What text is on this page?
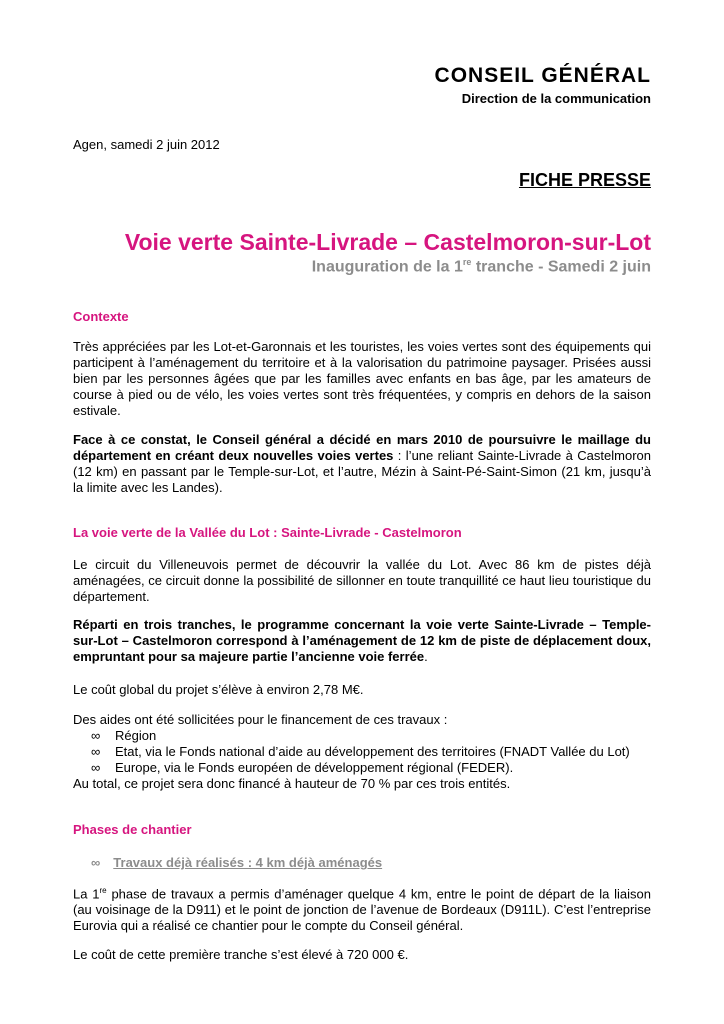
CONSEIL GÉNÉRAL
Direction de la communication
Agen, samedi 2 juin 2012
FICHE PRESSE
Voie verte Sainte-Livrade – Castelmoron-sur-Lot
Inauguration de la 1re tranche - Samedi 2 juin
Contexte
Très appréciées par les Lot-et-Garonnais et les touristes, les voies vertes sont des équipements qui participent à l’aménagement du territoire et à la valorisation du patrimoine paysager. Prisées aussi bien par les personnes âgées que par les familles avec enfants en bas âge, par les amateurs de course à pied ou de vélo, les voies vertes sont très fréquentées, y compris en dehors de la saison estivale.
Face à ce constat, le Conseil général a décidé en mars 2010 de poursuivre le maillage du département en créant deux nouvelles voies vertes : l’une reliant Sainte-Livrade à Castelmoron (12 km) en passant par le Temple-sur-Lot, et l’autre, Mézin à Saint-Pé-Saint-Simon (21 km, jusqu’à la limite avec les Landes).
La voie verte de la Vallée du Lot : Sainte-Livrade - Castelmoron
Le circuit du Villeneuvois permet de découvrir la vallée du Lot. Avec 86 km de pistes déjà aménagées, ce circuit donne la possibilité de sillonner en toute tranquillité ce haut lieu touristique du département.
Réparti en trois tranches, le programme concernant la voie verte Sainte-Livrade – Temple-sur-Lot – Castelmoron correspond à l’aménagement de 12 km de piste de déplacement doux, empruntant pour sa majeure partie l’ancienne voie ferrée.
Le coût global du projet s’élève à environ 2,78 M€.
Des aides ont été sollicitées pour le financement de ces travaux :
∞ Région
∞ Etat, via le Fonds national d’aide au développement des territoires (FNADT Vallée du Lot)
∞ Europe, via le Fonds européen de développement régional (FEDER).
Au total, ce projet sera donc financé à hauteur de 70 % par ces trois entités.
Phases de chantier
∞ Travaux déjà réalisés : 4 km déjà aménagés
La 1re phase de travaux a permis d’aménager quelque 4 km, entre le point de départ de la liaison (au voisinage de la D911) et le point de jonction de l’avenue de Bordeaux (D911L). C’est l’entreprise Eurovia qui a réalisé ce chantier pour le compte du Conseil général.
Le coût de cette première tranche s’est élevé à 720 000 €.
